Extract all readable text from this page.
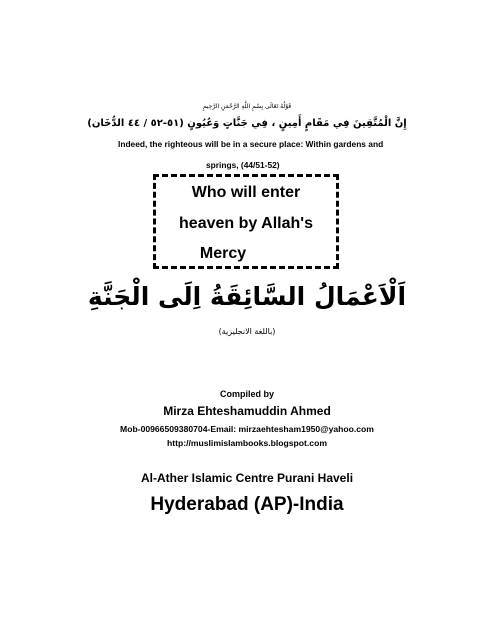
قَوْلُهُ تَعَالَى بِسْمِ اللَّهِ الرَّحْمَنِ الرَّحِيمِ
إِنَّ الْمُتَّقِينَ فِي مَقَامٍ أَمِينٍ ، فِي جَنَّاتٍ وَعُيُونٍ (٥١-٥٢ / ٤٤ الدُّخَان)
Indeed, the righteous will be in a secure place: Within gardens and
springs, (44/51-52)
Who will enter
heaven by Allah's
Mercy
اَلْاَعْمَالُ السَّائِقَةُ اِلَى الْجَنَّةِ
(باللغة الانجليزية)
Compiled by
Mirza Ehteshamuddin Ahmed
Mob-00966509380704-Email: mirzaehtesham1950@yahoo.com
http://muslimislambooks.blogspot.com
Al-Ather Islamic Centre Purani Haveli
Hyderabad (AP)-India
